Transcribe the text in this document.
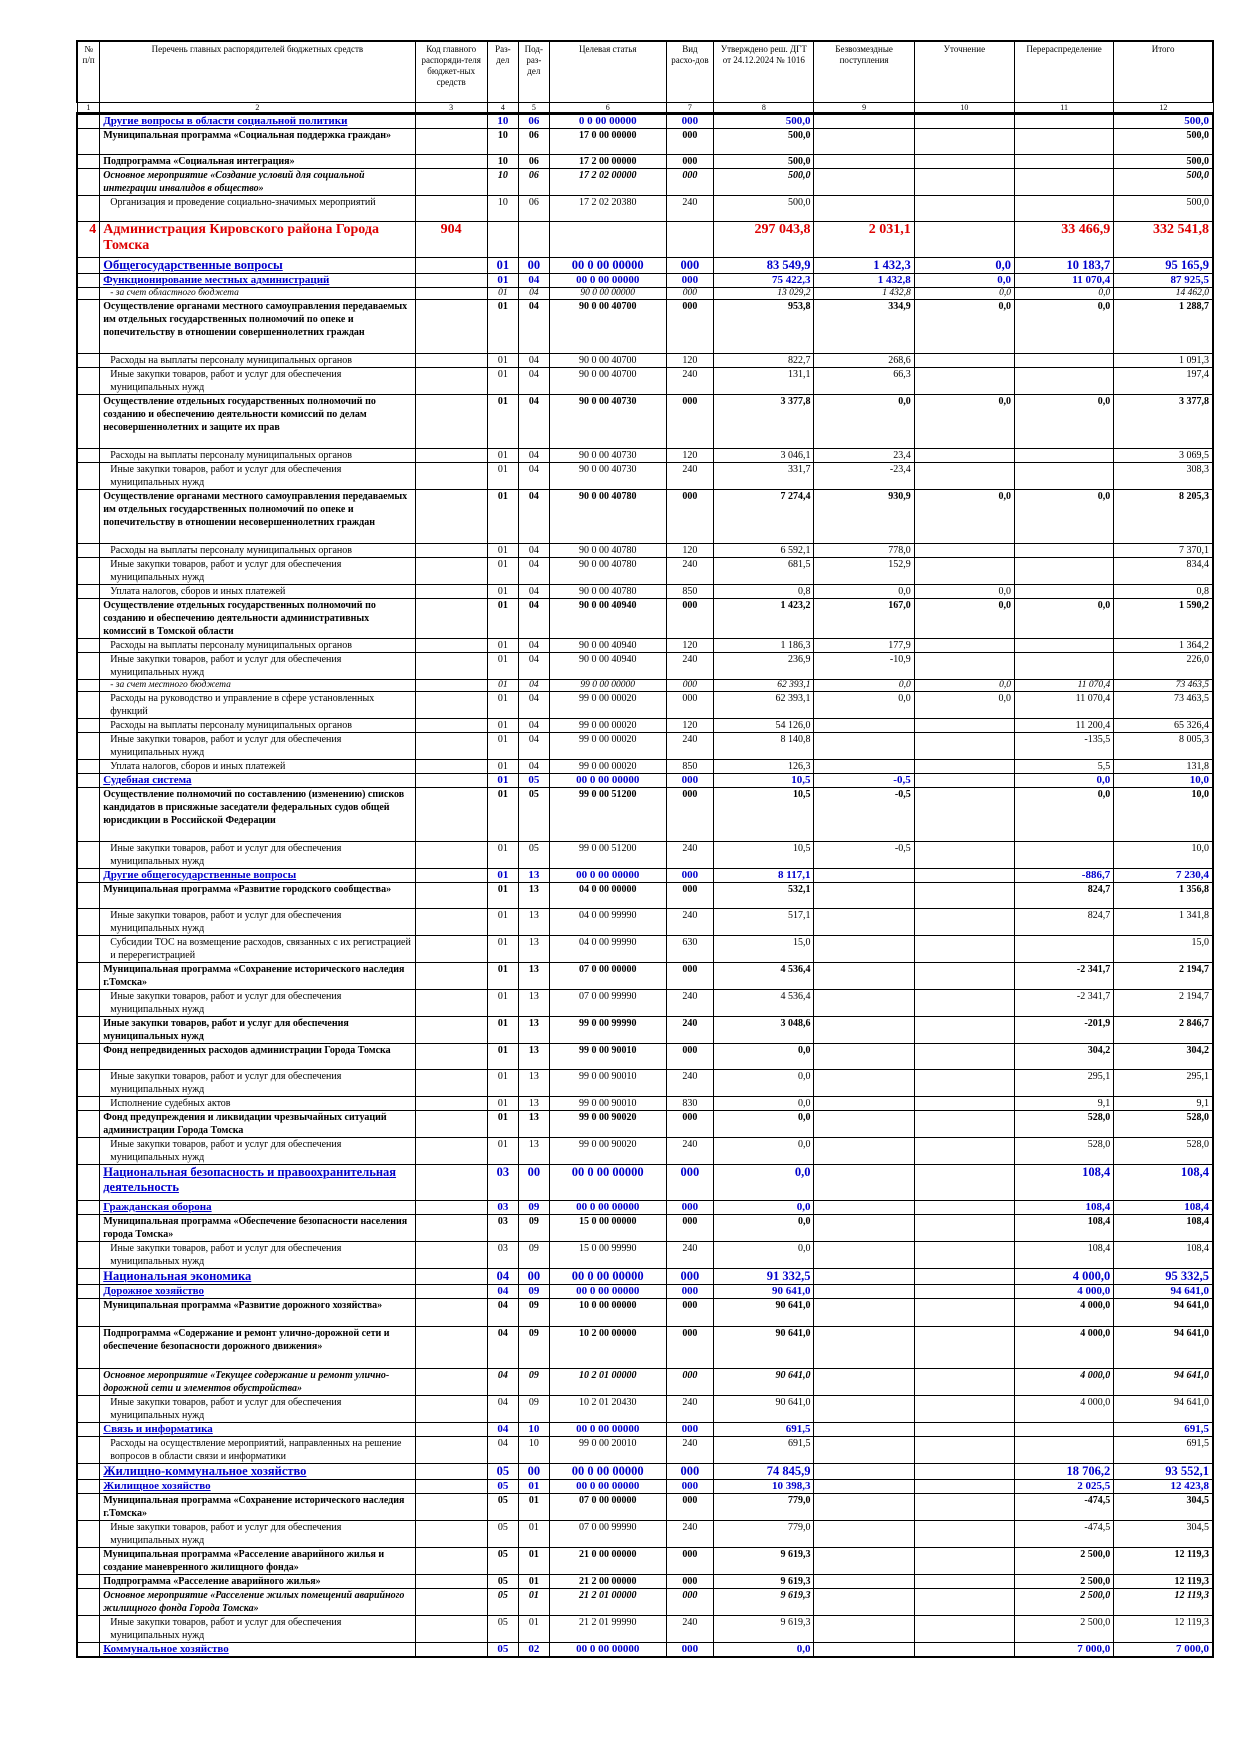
№ п/п	Перечень главных распорядителей бюджетных средств	Код главного распоряди-теля бюджет-ных средств	Раз-дел	Под-раз-дел	Целевая статья	Вид расхо-дов	Утверждено реш. ДГТ от 24.12.2024 № 1016	Безвозмездные поступления	Уточнение	Перераспределение	Итого
1	2	3	4	5	6	7	8	9	10	11	12
	Другие вопросы в области социальной политики		10	06	0 0 00 00000	000	500,0				500,0
	Муниципальная программа «Социальная поддержка граждан»		10	06	17 0 00 00000	000	500,0				500,0
	Подпрограмма «Социальная интеграция»		10	06	17 2 00 00000	000	500,0				500,0
	Основное мероприятие «Создание условий для социальной интеграции инвалидов в общество»		10	06	17 2 02 00000	000	500,0				500,0
	Организация и проведение социально-значимых мероприятий		10	06	17 2 02 20380	240	500,0				500,0
4	Администрация Кировского района Города Томска	904					297 043,8	2 031,1		33 466,9	332 541,8
	Общегосударственные вопросы		01	00	00 0 00 00000	000	83 549,9	1 432,3	0,0	10 183,7	95 165,9
	Функционирование местных администраций		01	04	00 0 00 00000	000	75 422,3	1 432,8	0,0	11 070,4	87 925,5
	- за счет областного бюджета		01	04	90 0 00 00000	000	13 029,2	1 432,8	0,0	0,0	14 462,0
	Осуществление органами местного самоуправления передаваемых им отдельных государственных полномочий по опеке и попечительству в отношении совершеннолетних граждан		01	04	90 0 00 40700	000	953,8	334,9	0,0	0,0	1 288,7
	Расходы на выплаты персоналу муниципальных органов		01	04	90 0 00 40700	120	822,7	268,6			1 091,3
	Иные закупки товаров, работ и услуг для обеспечения муниципальных нужд		01	04	90 0 00 40700	240	131,1	66,3			197,4
	Осуществление отдельных государственных полномочий по созданию и обеспечению деятельности комиссий по делам несовершеннолетних и защите их прав		01	04	90 0 00 40730	000	3 377,8	0,0	0,0	0,0	3 377,8
	Расходы на выплаты персоналу муниципальных органов		01	04	90 0 00 40730	120	3 046,1	23,4			3 069,5
	Иные закупки товаров, работ и услуг для обеспечения муниципальных нужд		01	04	90 0 00 40730	240	331,7	-23,4			308,3
	Осуществление органами местного самоуправления передаваемых им отдельных государственных полномочий по опеке и попечительству в отношении несовершеннолетних граждан		01	04	90 0 00 40780	000	7 274,4	930,9	0,0	0,0	8 205,3
	Расходы на выплаты персоналу муниципальных органов		01	04	90 0 00 40780	120	6 592,1	778,0			7 370,1
	Иные закупки товаров, работ и услуг для обеспечения муниципальных нужд		01	04	90 0 00 40780	240	681,5	152,9			834,4
	Уплата налогов, сборов и иных платежей		01	04	90 0 00 40780	850	0,8	0,0	0,0		0,8
	Осуществление отдельных государственных полномочий по созданию и обеспечению деятельности административных комиссий в Томской области		01	04	90 0 00 40940	000	1 423,2	167,0	0,0	0,0	1 590,2
	Расходы на выплаты персоналу муниципальных органов		01	04	90 0 00 40940	120	1 186,3	177,9			1 364,2
	Иные закупки товаров, работ и услуг для обеспечения муниципальных нужд		01	04	90 0 00 40940	240	236,9	-10,9			226,0
	- за счет местного бюджета		01	04	99 0 00 00000	000	62 393,1	0,0	0,0	11 070,4	73 463,5
	Расходы на руководство и управление в сфере установленных функций		01	04	99 0 00 00020	000	62 393,1	0,0	0,0	11 070,4	73 463,5
	Расходы на выплаты персоналу муниципальных органов		01	04	99 0 00 00020	120	54 126,0			11 200,4	65 326,4
	Иные закупки товаров, работ и услуг для обеспечения муниципальных нужд		01	04	99 0 00 00020	240	8 140,8			-135,5	8 005,3
	Уплата налогов, сборов и иных платежей		01	04	99 0 00 00020	850	126,3			5,5	131,8
	Судебная система		01	05	00 0 00 00000	000	10,5	-0,5		0,0	10,0
	Осуществление полномочий по составлению (изменению) списков кандидатов в присяжные заседатели федеральных судов общей юрисдикции в Российской Федерации		01	05	99 0 00 51200	000	10,5	-0,5		0,0	10,0
	Иные закупки товаров, работ и услуг для обеспечения муниципальных нужд		01	05	99 0 00 51200	240	10,5	-0,5			10,0
	Другие общегосударственные вопросы		01	13	00 0 00 00000	000	8 117,1			-886,7	7 230,4
	Муниципальная программа «Развитие городского сообщества»		01	13	04 0 00 00000	000	532,1			824,7	1 356,8
	Иные закупки товаров, работ и услуг для обеспечения муниципальных нужд		01	13	04 0 00 99990	240	517,1			824,7	1 341,8
	Субсидии ТОС на возмещение расходов, связанных с их регистрацией и перерегистрацией		01	13	04 0 00 99990	630	15,0				15,0
	Муниципальная программа «Сохранение исторического наследия г.Томска»		01	13	07 0 00 00000	000	4 536,4			-2 341,7	2 194,7
	Иные закупки товаров, работ и услуг для обеспечения муниципальных нужд		01	13	07 0 00 99990	240	4 536,4			-2 341,7	2 194,7
	Иные закупки товаров, работ и услуг для обеспечения муниципальных нужд		01	13	99 0 00 99990	240	3 048,6			-201,9	2 846,7
	Фонд непредвиденных расходов администрации Города Томска		01	13	99 0 00 90010	000	0,0			304,2	304,2
	Иные закупки товаров, работ и услуг для обеспечения муниципальных нужд		01	13	99 0 00 90010	240	0,0			295,1	295,1
	Исполнение судебных актов		01	13	99 0 00 90010	830	0,0			9,1	9,1
	Фонд предупреждения и ликвидации чрезвычайных ситуаций администрации Города Томска		01	13	99 0 00 90020	000	0,0			528,0	528,0
	Иные закупки товаров, работ и услуг для обеспечения муниципальных нужд		01	13	99 0 00 90020	240	0,0			528,0	528,0
	Национальная безопасность и правоохранительная деятельность		03	00	00 0 00 00000	000	0,0			108,4	108,4
	Гражданская оборона		03	09	00 0 00 00000	000	0,0			108,4	108,4
	Муниципальная программа «Обеспечение безопасности населения города Томска»		03	09	15 0 00 00000	000	0,0			108,4	108,4
	Иные закупки товаров, работ и услуг для обеспечения муниципальных нужд		03	09	15 0 00 99990	240	0,0			108,4	108,4
	Национальная экономика		04	00	00 0 00 00000	000	91 332,5			4 000,0	95 332,5
	Дорожное хозяйство		04	09	00 0 00 00000	000	90 641,0			4 000,0	94 641,0
	Муниципальная программа «Развитие дорожного хозяйства»		04	09	10 0 00 00000	000	90 641,0			4 000,0	94 641,0
	Подпрограмма «Содержание и ремонт улично-дорожной сети и обеспечение безопасности дорожного движения»		04	09	10 2 00 00000	000	90 641,0			4 000,0	94 641,0
	Основное мероприятие «Текущее содержание и ремонт улично-дорожной сети и элементов обустройства»		04	09	10 2 01 00000	000	90 641,0			4 000,0	94 641,0
	Иные закупки товаров, работ и услуг для обеспечения муниципальных нужд		04	09	10 2 01 20430	240	90 641,0			4 000,0	94 641,0
	Связь и информатика		04	10	00 0 00 00000	000	691,5				691,5
	Расходы на осуществление мероприятий, направленных на решение вопросов в области связи и информатики		04	10	99 0 00 20010	240	691,5				691,5
	Жилищно-коммунальное хозяйство		05	00	00 0 00 00000	000	74 845,9			18 706,2	93 552,1
	Жилищное хозяйство		05	01	00 0 00 00000	000	10 398,3			2 025,5	12 423,8
	Муниципальная программа «Сохранение исторического наследия г.Томска»		05	01	07 0 00 00000	000	779,0			-474,5	304,5
	Иные закупки товаров, работ и услуг для обеспечения муниципальных нужд		05	01	07 0 00 99990	240	779,0			-474,5	304,5
	Муниципальная программа «Расселение аварийного жилья и создание маневренного жилищного фонда»		05	01	21 0 00 00000	000	9 619,3			2 500,0	12 119,3
	Подпрограмма «Расселение аварийного жилья»		05	01	21 2 00 00000	000	9 619,3			2 500,0	12 119,3
	Основное мероприятие «Расселение жилых помещений аварийного жилищного фонда Города Томска»		05	01	21 2 01 00000	000	9 619,3			2 500,0	12 119,3
	Иные закупки товаров, работ и услуг для обеспечения муниципальных нужд		05	01	21 2 01 99990	240	9 619,3			2 500,0	12 119,3
	Коммунальное хозяйство		05	02	00 0 00 00000	000	0,0			7 000,0	7 000,0
